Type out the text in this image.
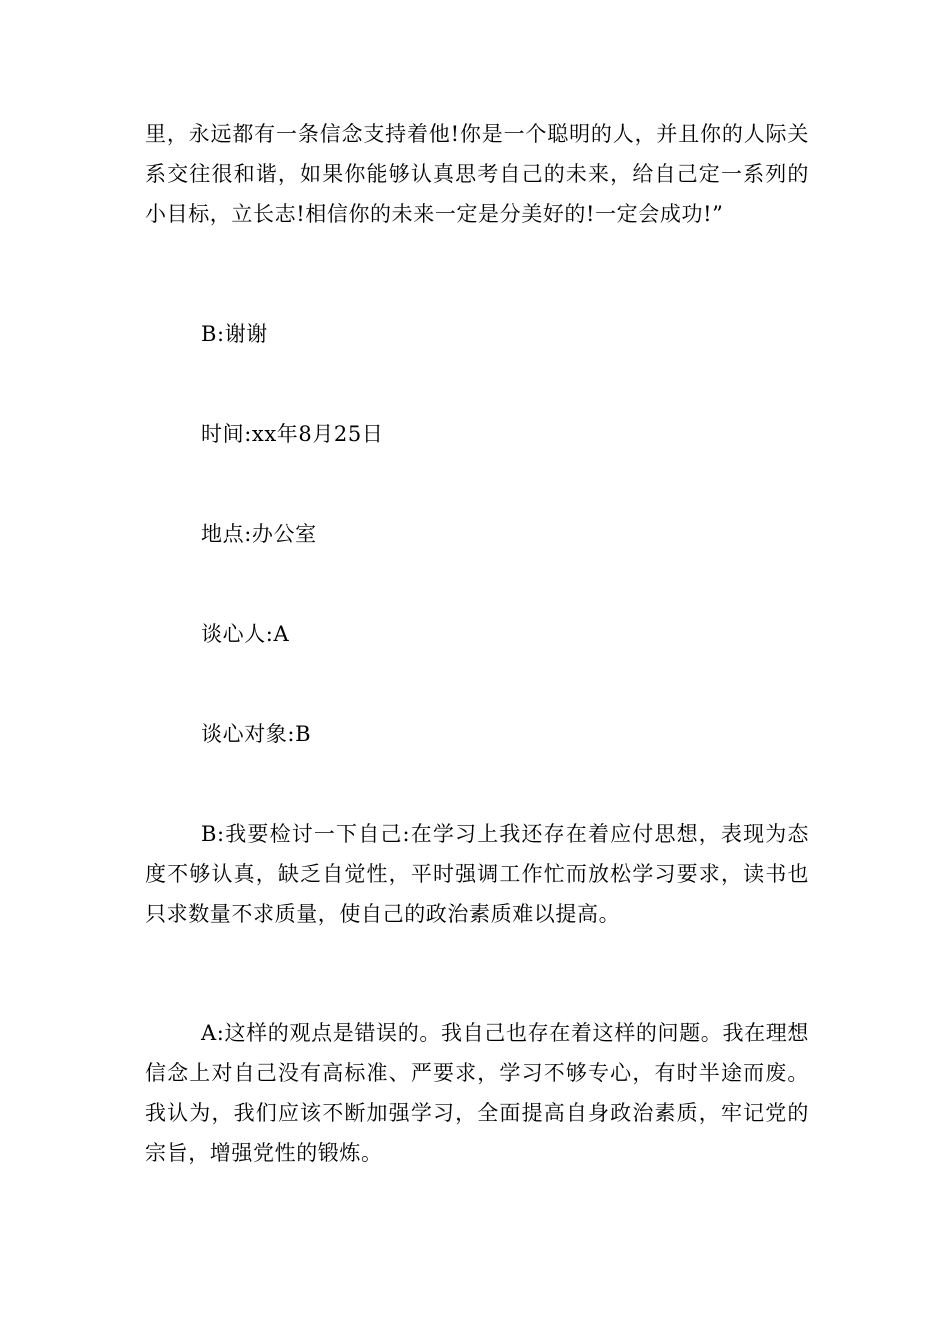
里，永远都有一条信念支持着他!你是一个聪明的人，并且你的人际关系交往很和谐，如果你能够认真思考自己的未来，给自己定一系列的小目标，立长志!相信你的未来一定是分美好的!一定会成功!”

B:谢谢

时间:xx年8月25日

地点:办公室

谈心人:A

谈心对象:B

B:我要检讨一下自己:在学习上我还存在着应付思想，表现为态度不够认真，缺乏自觉性，平时强调工作忙而放松学习要求，读书也只求数量不求质量，使自己的政治素质难以提高。

A:这样的观点是错误的。我自己也存在着这样的问题。我在理想信念上对自己没有高标准、严要求，学习不够专心，有时半途而废。我认为，我们应该不断加强学习，全面提高自身政治素质，牢记党的宗旨，增强党性的锻炼。
